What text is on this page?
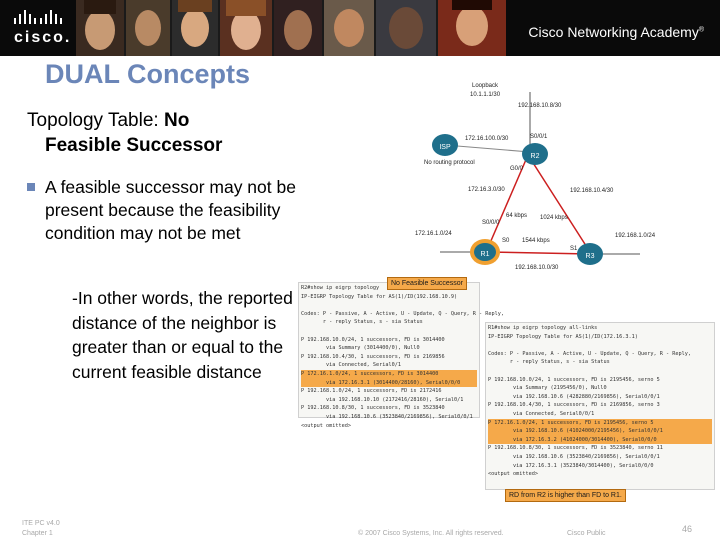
cisco.	Cisco Networking Academy®
DUAL Concepts
Topology Table: No
Feasible Successor
A feasible successor may not be present because the feasibility condition may not be met
-In other words, the reported distance of the neighbor is greater than or equal to the current feasible distance
ISP
R2
R1	R3
Loopback
10.1.1.1/30
192.168.10.8/30
172.16.100.0/30	S0/0/1
No routing protocol
G0/0
172.16.3.0/30
S0/0/0
192.168.10.4/30
64 kbps 1024 kbps
192.168.1.0/24
172.16.1.0/24
1544 kbps
S0
S1
192.168.10.0/30
R2#show ip eigrp topology
IP-EIGRP Topology Table for AS(1)/ID(192.168.10.9)

Codes: P - Passive, A - Active, U - Update, Q - Query, R - Reply,
r - reply Status, s - sia Status

P 192.168.10.0/24, 1 successors, FD is 3014400
via Summary (3014400/0), Null0
P 192.168.10.4/30, 1 successors, FD is 2169856
via Connected, Serial0/1
P 172.16.1.0/24, 1 successors, FD is 3014400
via 172.16.3.1 (3014400/28160), Serial0/0/0
P 192.168.1.0/24, 1 successors, FD is 2172416
via 192.168.10.10 (2172416/28160), Serial0/1
P 192.168.10.8/30, 1 successors, FD is 3523840
via 192.168.10.6 (3523840/2169856), Serial0/0/1
<output omitted>
R1#show ip eigrp topology all-links
IP-EIGRP Topology Table for AS(1)/ID(172.16.3.1)

Codes: P - Passive, A - Active, U - Update, Q - Query, R - Reply,
r - reply Status, s - sia Status

P 192.168.10.0/24, 1 successors, FD is 2195456, serno 5
via Summary (2195456/0), Null0
via 192.168.10.6 (4282880/2169856), Serial0/0/1
P 192.168.10.4/30, 1 successors, FD is 2169856, serno 3
via Connected, Serial0/0/1
P 172.16.1.0/24, 1 successors, FD is 2195456, serno 5
via 192.168.10.6 (41024000/2195456), Serial0/0/1
via 172.16.3.2 (41024000/3014400), Serial0/0/0
P 192.168.10.8/30, 1 successors, FD is 3523840, serno 11
via 192.168.10.6 (3523840/2169856), Serial0/0/1
via 172.16.3.1 (3523840/3014400), Serial0/0/0
<output omitted>
No Feasible Successor
RD from R2 is higher than FD to R1.
ITE PC v4.0
Chapter 1	© 2007 Cisco Systems, Inc. All rights reserved.	Cisco Public	46
